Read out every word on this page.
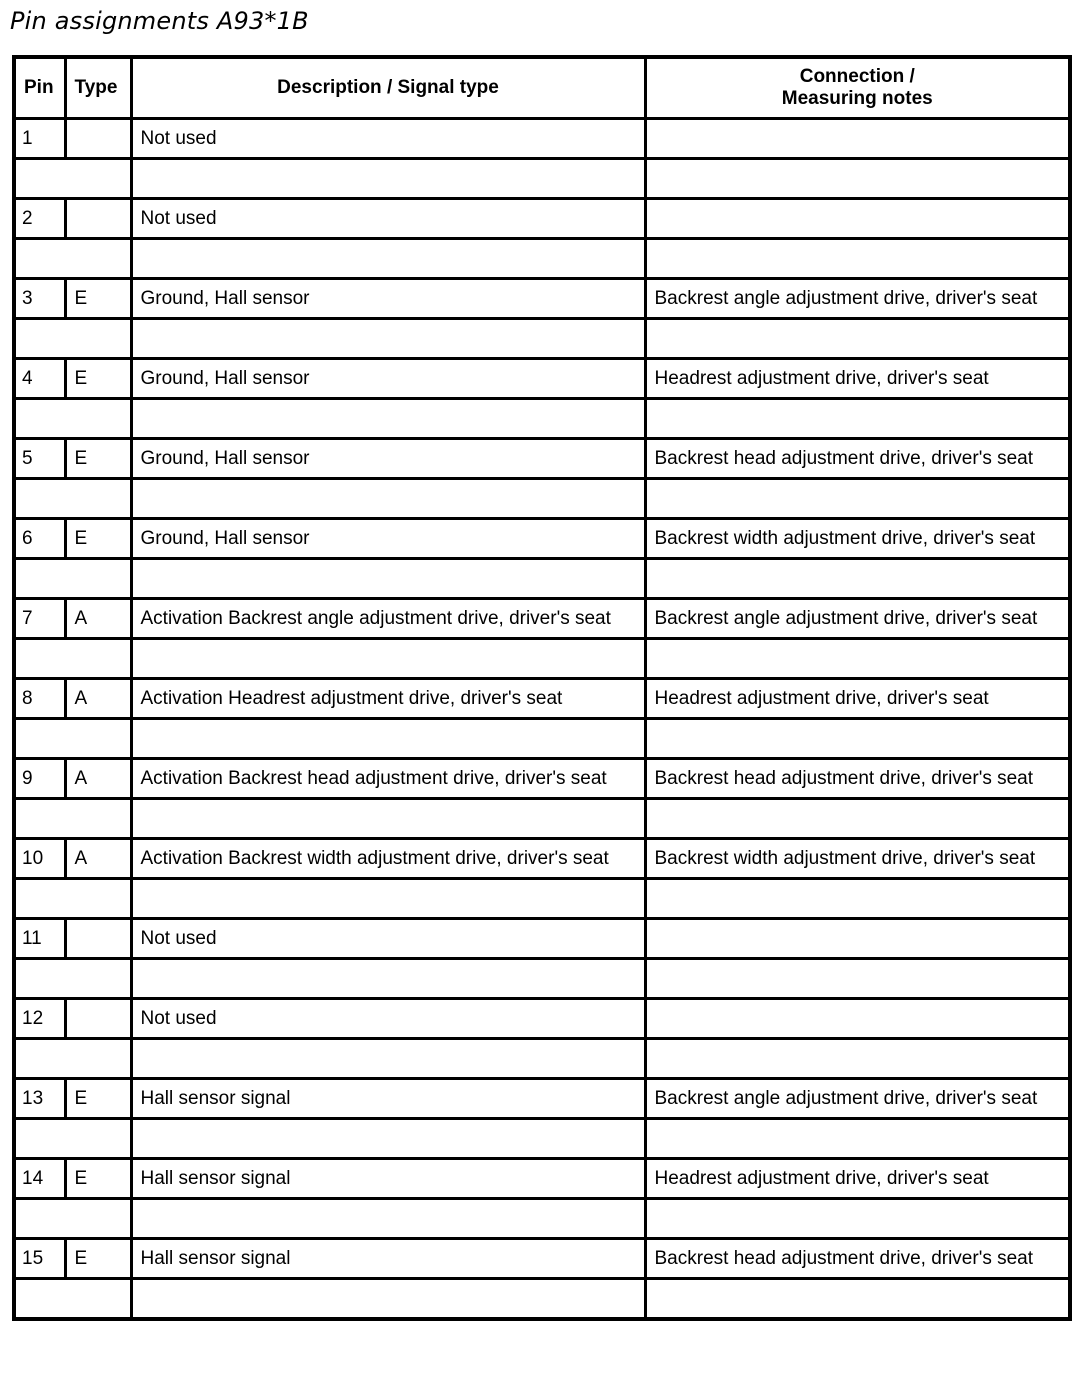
Pin assignments A93*1B
Pin	Type	Description / Signal type	Connection /
Measuring notes

1		Not used	

2		Not used	

3	E	Ground, Hall sensor	Backrest angle adjustment drive, driver's seat

4	E	Ground, Hall sensor	Headrest adjustment drive, driver's seat

5	E	Ground, Hall sensor	Backrest head adjustment drive, driver's seat

6	E	Ground, Hall sensor	Backrest width adjustment drive, driver's seat

7	A	Activation Backrest angle adjustment drive, driver's seat	Backrest angle adjustment drive, driver's seat

8	A	Activation Headrest adjustment drive, driver's seat	Headrest adjustment drive, driver's seat

9	A	Activation Backrest head adjustment drive, driver's seat	Backrest head adjustment drive, driver's seat

10	A	Activation Backrest width adjustment drive, driver's seat	Backrest width adjustment drive, driver's seat

11		Not used	

12		Not used	

13	E	Hall sensor signal	Backrest angle adjustment drive, driver's seat

14	E	Hall sensor signal	Headrest adjustment drive, driver's seat

15	E	Hall sensor signal	Backrest head adjustment drive, driver's seat
